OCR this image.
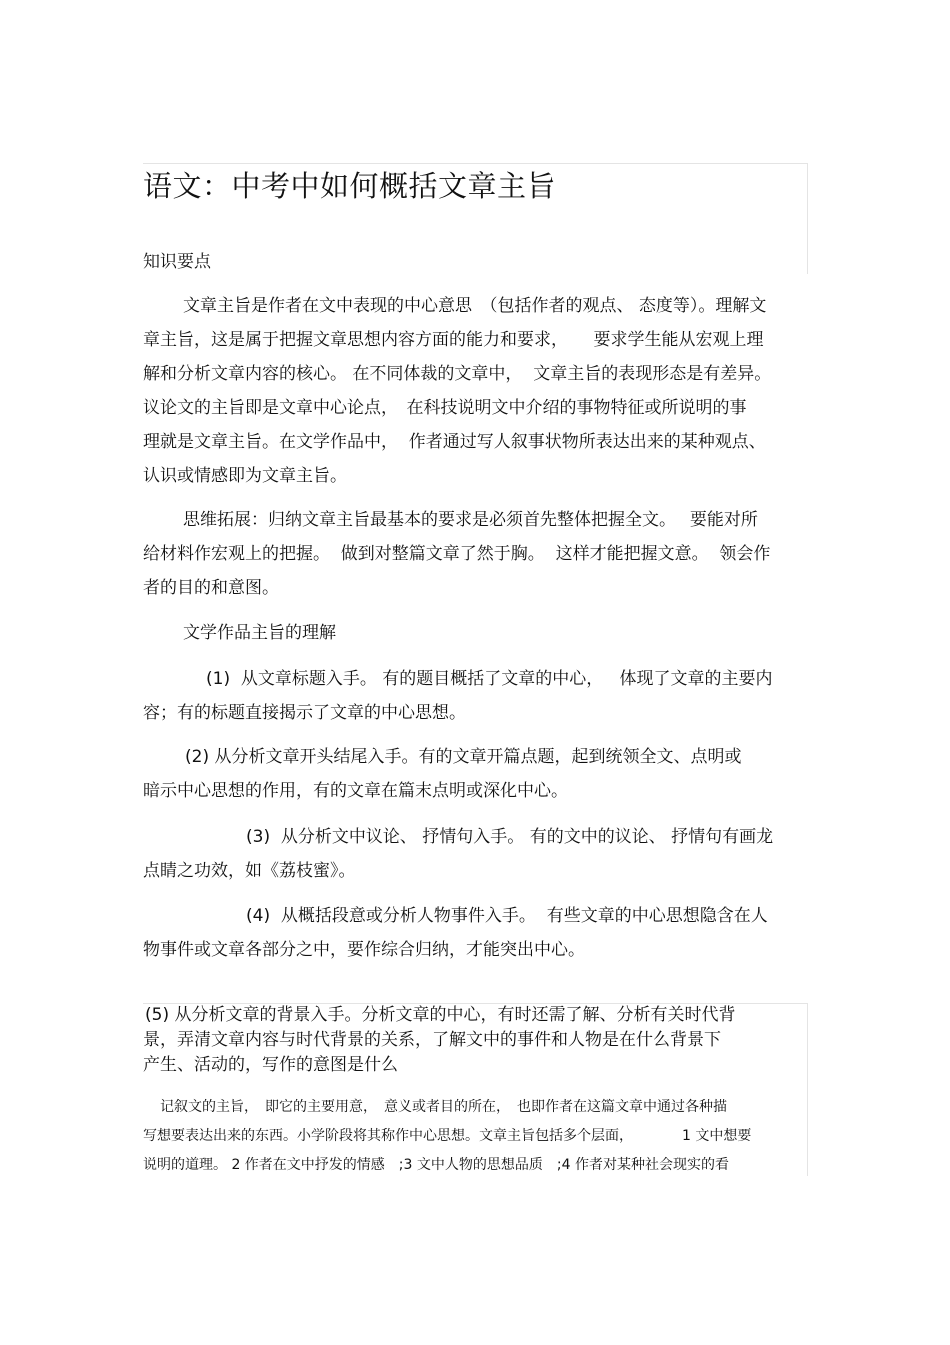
语文：中考中如何概括文章主旨
知识要点
文章主旨是作者在文中表现的中心意思　（包括作者的观点、 态度等）。理解文
章主旨，这是属于把握文章思想内容方面的能力和要求，　　要求学生能从宏观上理
解和分析文章内容的核心。 在不同体裁的文章中，  文章主旨的表现形态是有差异。
议论文的主旨即是文章中心论点，　在科技说明文中介绍的事物特征或所说明的事
理就是文章主旨。在文学作品中，  作者通过写人叙事状物所表达出来的某种观点、
认识或情感即为文章主旨。
思维拓展：归纳文章主旨最基本的要求是必须首先整体把握全文。　 要能对所
给材料作宏观上的把握。  做到对整篇文章了然于胸。  这样才能把握文意。  领会作
者的目的和意图。
文学作品主旨的理解
(1)  从文章标题入手。 有的题目概括了文章的中心，   体现了文章的主要内
容；有的标题直接揭示了文章的中心思想。
(2) 从分析文章开头结尾入手。有的文章开篇点题，起到统领全文、点明或
暗示中心思想的作用，有的文章在篇末点明或深化中心。
(3)  从分析文中议论、 抒情句入手。 有的文中的议论、 抒情句有画龙
点睛之功效，如《荔枝蜜》。
(4)  从概括段意或分析人物事件入手。  有些文章的中心思想隐含在人
物事件或文章各部分之中，要作综合归纳，才能突出中心。
(5) 从分析文章的背景入手。分析文章的中心，有时还需了解、分析有关时代背
景，弄清文章内容与时代背景的关系，了解文中的事件和人物是在什么背景下
产生、活动的，写作的意图是什么
记叙文的主旨，　即它的主要用意，　意义或者目的所在，　也即作者在这篇文章中通过各种描
写想要表达出来的东西。小学阶段将其称作中心思想。文章主旨包括多个层面，　　　　1 文中想要
说明的道理。 2 作者在文中抒发的情感　;3 文中人物的思想品质　;4 作者对某种社会现实的看
